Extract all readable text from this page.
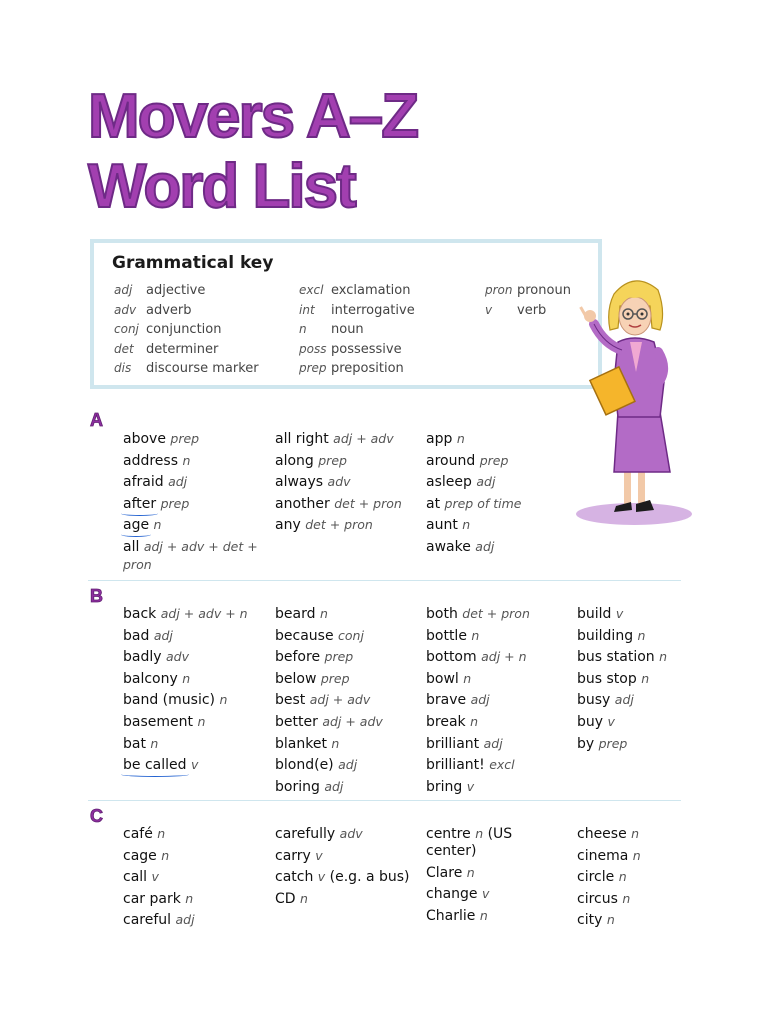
Movers A–Z
Word List
Grammatical key
adj adjective
adv adverb
conj conjunction
det determiner
dis discourse marker
excl exclamation
int interrogative
n noun
poss possessive
prep preposition
pron pronoun
v verb
A
above prep
address n
afraid adj
after prep
age n
all adj + adv + det + pron
all right adj + adv
along prep
always adv
another det + pron
any det + pron
app n
around prep
asleep adj
at prep of time
aunt n
awake adj
B
back adj + adv + n
bad adj
badly adv
balcony n
band (music) n
basement n
bat n
be called v
beard n
because conj
before prep
below prep
best adj + adv
better adj + adv
blanket n
blond(e) adj
boring adj
both det + pron
bottle n
bottom adj + n
bowl n
brave adj
break n
brilliant adj
brilliant! excl
bring v
build v
building n
bus station n
bus stop n
busy adj
buy v
by prep
C
café n
cage n
call v
car park n
careful adj
carefully adv
carry v
catch v (e.g. a bus)
CD n
centre n (US center)
Clare n
change v
Charlie n
cheese n
cinema n
circle n
circus n
city n
